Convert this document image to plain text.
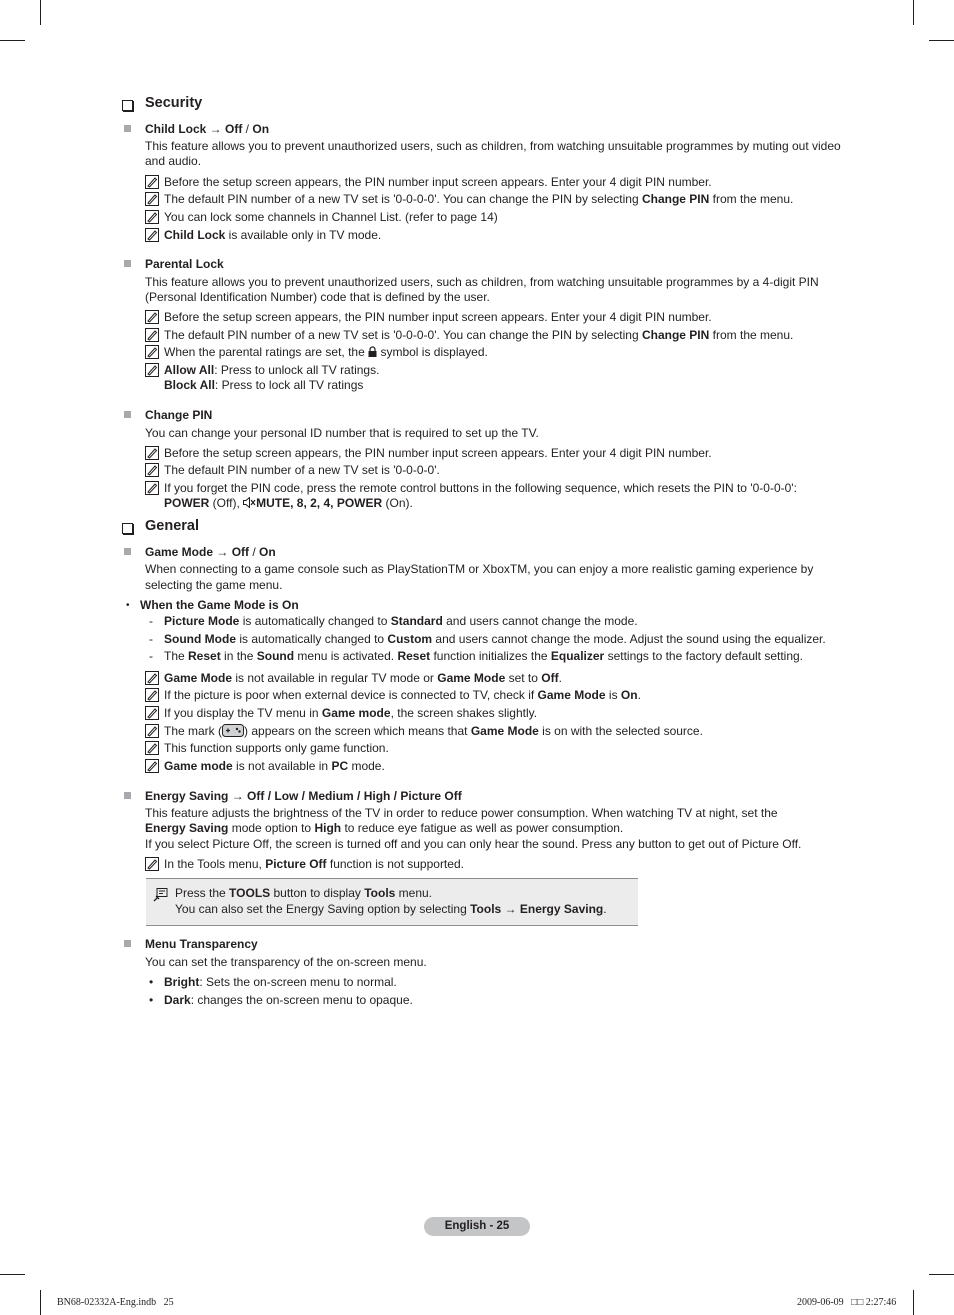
Security
Child Lock → Off / On
This feature allows you to prevent unauthorized users, such as children, from watching unsuitable programmes by muting out video
and audio.
Before the setup screen appears, the PIN number input screen appears. Enter your 4 digit PIN number.
The default PIN number of a new TV set is '0-0-0-0'. You can change the PIN by selecting Change PIN from the menu.
You can lock some channels in Channel List. (refer to page 14)
Child Lock is available only in TV mode.
Parental Lock
This feature allows you to prevent unauthorized users, such as children, from watching unsuitable programmes by a 4-digit PIN
(Personal Identification Number) code that is defined by the user.
Before the setup screen appears, the PIN number input screen appears. Enter your 4 digit PIN number.
The default PIN number of a new TV set is '0-0-0-0'. You can change the PIN by selecting Change PIN from the menu.
When the parental ratings are set, the  symbol is displayed.
Allow All: Press to unlock all TV ratings.
Block All: Press to lock all TV ratings
Change PIN
You can change your personal ID number that is required to set up the TV.
Before the setup screen appears, the PIN number input screen appears. Enter your 4 digit PIN number.
The default PIN number of a new TV set is '0-0-0-0'.
If you forget the PIN code, press the remote control buttons in the following sequence, which resets the PIN to '0-0-0-0':
POWER (Off), MUTE, 8, 2, 4, POWER (On).
General
Game Mode → Off / On
When connecting to a game console such as PlayStationTM or XboxTM, you can enjoy a more realistic gaming experience by
selecting the game menu.
• When the Game Mode is On
- Picture Mode is automatically changed to Standard and users cannot change the mode.
- Sound Mode is automatically changed to Custom and users cannot change the mode. Adjust the sound using the equalizer.
- The Reset in the Sound menu is activated. Reset function initializes the Equalizer settings to the factory default setting.
Game Mode is not available in regular TV mode or Game Mode set to Off.
If the picture is poor when external device is connected to TV, check if Game Mode is On.
If you display the TV menu in Game mode, the screen shakes slightly.
The mark ( ) appears on the screen which means that Game Mode is on with the selected source.
This function supports only game function.
Game mode is not available in PC mode.
Energy Saving → Off / Low / Medium / High / Picture Off
This feature adjusts the brightness of the TV in order to reduce power consumption. When watching TV at night, set the
Energy Saving mode option to High to reduce eye fatigue as well as power consumption.
If you select Picture Off, the screen is turned off and you can only hear the sound. Press any button to get out of Picture Off.
In the Tools menu, Picture Off function is not supported.
Press the TOOLS button to display Tools menu.
You can also set the Energy Saving option by selecting Tools → Energy Saving.
Menu Transparency
You can set the transparency of the on-screen menu.
• Bright: Sets the on-screen menu to normal.
• Dark: changes the on-screen menu to opaque.
English - 25
BN68-02332A-Eng.indb   25	2009-06-09   □□ 2:27:46
